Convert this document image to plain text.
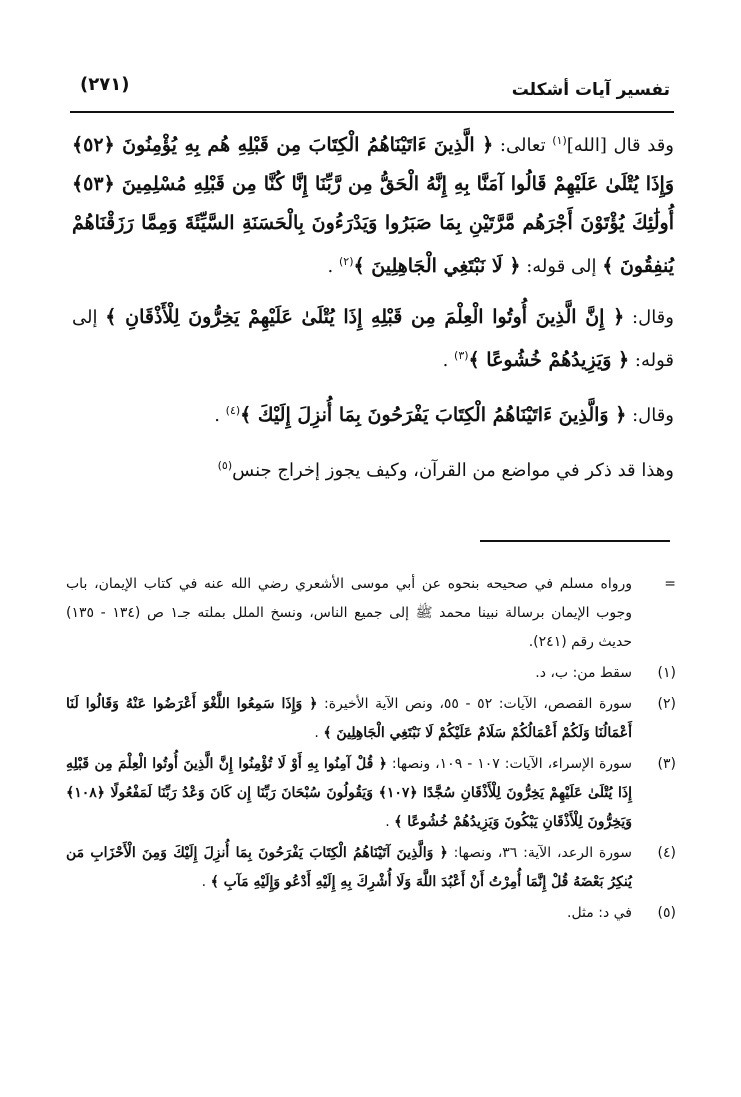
تفسير آيات أشكلت
(٢٧١)

وقد قال [الله]$^{(١)}$ تعالى: ﴿ الَّذِينَ ءَاتَيْنَاهُمُ الْكِتَابَ مِن قَبْلِهِ هُم بِهِ يُؤْمِنُونَ ﴿٥٢﴾ وَإِذَا يُتْلَىٰ عَلَيْهِمْ قَالُوا آمَنَّا بِهِ إِنَّهُ الْحَقُّ مِن رَّبِّنَا إِنَّا كُنَّا مِن قَبْلِهِ مُسْلِمِينَ ﴿٥٣﴾ أُولَٰئِكَ يُؤْتَوْنَ أَجْرَهُم مَّرَّتَيْنِ بِمَا صَبَرُوا وَيَدْرَءُونَ بِالْحَسَنَةِ السَّيِّئَةَ وَمِمَّا رَزَقْنَاهُمْ يُنفِقُونَ ﴾ إلى قوله: ﴿ لَا نَبْتَغِي الْجَاهِلِينَ ﴾$^{(٢)}$ .

وقال: ﴿ إِنَّ الَّذِينَ أُوتُوا الْعِلْمَ مِن قَبْلِهِ إِذَا يُتْلَىٰ عَلَيْهِمْ يَخِرُّونَ لِلْأَذْقَانِ ﴾ إلى قوله: ﴿ وَيَزِيدُهُمْ خُشُوعًا ﴾$^{(٣)}$ .

وقال: ﴿ وَالَّذِينَ ءَاتَيْنَاهُمُ الْكِتَابَ يَفْرَحُونَ بِمَا أُنزِلَ إِلَيْكَ ﴾$^{(٤)}$ .

وهذا قد ذكر في مواضع من القرآن، وكيف يجوز إخراج جنس$^{(٥)}$

=
ورواه مسلم في صحيحه بنحوه عن أبي موسى الأشعري رضي الله عنه في كتاب الإيمان، باب وجوب الإيمان برسالة نبينا محمد ﷺ إلى جميع الناس، ونسخ الملل بملته جـ١ ص (١٣٤ - ١٣٥) حديث رقم (٢٤١).
(١)
سقط من: ب، د.
(٢)
سورة القصص، الآيات: ٥٢ - ٥٥، ونص الآية الأخيرة: ﴿ وَإِذَا سَمِعُوا اللَّغْوَ أَعْرَضُوا عَنْهُ وَقَالُوا لَنَا أَعْمَالُنَا وَلَكُمْ أَعْمَالُكُمْ سَلَامٌ عَلَيْكُمْ لَا نَبْتَغِي الْجَاهِلِينَ ﴾ .
(٣)
سورة الإسراء، الآيات: ١٠٧ - ١٠٩، ونصها: ﴿ قُلْ آمِنُوا بِهِ أَوْ لَا تُؤْمِنُوا إِنَّ الَّذِينَ أُوتُوا الْعِلْمَ مِن قَبْلِهِ إِذَا يُتْلَىٰ عَلَيْهِمْ يَخِرُّونَ لِلْأَذْقَانِ سُجَّدًا ﴿١٠٧﴾ وَيَقُولُونَ سُبْحَانَ رَبِّنَا إِن كَانَ وَعْدُ رَبِّنَا لَمَفْعُولًا ﴿١٠٨﴾ وَيَخِرُّونَ لِلْأَذْقَانِ يَبْكُونَ وَيَزِيدُهُمْ خُشُوعًا ﴾ .
(٤)
سورة الرعد، الآية: ٣٦، ونصها: ﴿ وَالَّذِينَ آتَيْنَاهُمُ الْكِتَابَ يَفْرَحُونَ بِمَا أُنزِلَ إِلَيْكَ وَمِنَ الْأَحْزَابِ مَن يُنكِرُ بَعْضَهُ قُلْ إِنَّمَا أُمِرْتُ أَنْ أَعْبُدَ اللَّهَ وَلَا أُشْرِكَ بِهِ إِلَيْهِ أَدْعُو وَإِلَيْهِ مَآبِ ﴾ .
(٥)
في د: مثل.
